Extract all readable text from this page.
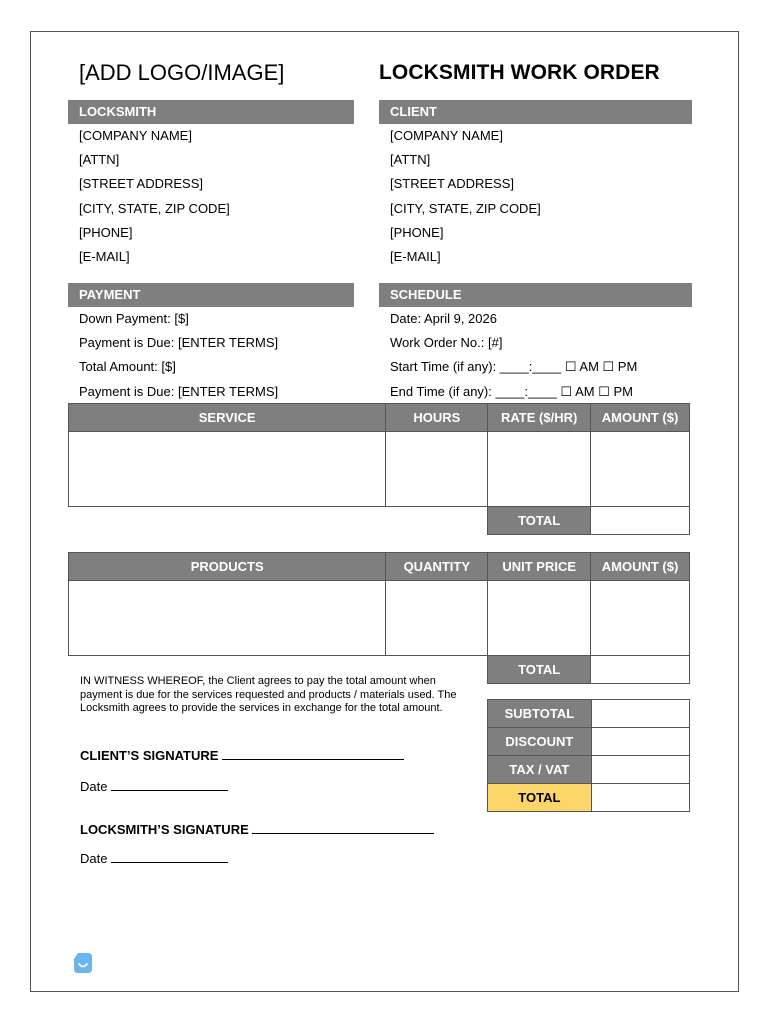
[ADD LOGO/IMAGE]	LOCKSMITH WORK ORDER
LOCKSMITH
[COMPANY NAME]
[ATTN]
[STREET ADDRESS]
[CITY, STATE, ZIP CODE]
[PHONE]
[E-MAIL]
CLIENT
[COMPANY NAME]
[ATTN]
[STREET ADDRESS]
[CITY, STATE, ZIP CODE]
[PHONE]
[E-MAIL]
PAYMENT
Down Payment: [$]
Payment is Due: [ENTER TERMS]
Total Amount: [$]
Payment is Due: [ENTER TERMS]
SCHEDULE
Date: April 9, 2026
Work Order No.: [#]
Start Time (if any): ____:____ ☐ AM ☐ PM
End Time (if any): ____:____ ☐ AM ☐ PM
SERVICE	HOURS	RATE ($/HR)	AMOUNT ($)

		TOTAL	
PRODUCTS	QUANTITY	UNIT PRICE	AMOUNT ($)

		TOTAL	
SUBTOTAL	
DISCOUNT	
TAX / VAT	
TOTAL	
IN WITNESS WHEREOF, the Client agrees to pay the total amount when payment is due for the services requested and products / materials used. The Locksmith agrees to provide the services in exchange for the total amount.
CLIENT’S SIGNATURE
Date
LOCKSMITH’S SIGNATURE
Date
